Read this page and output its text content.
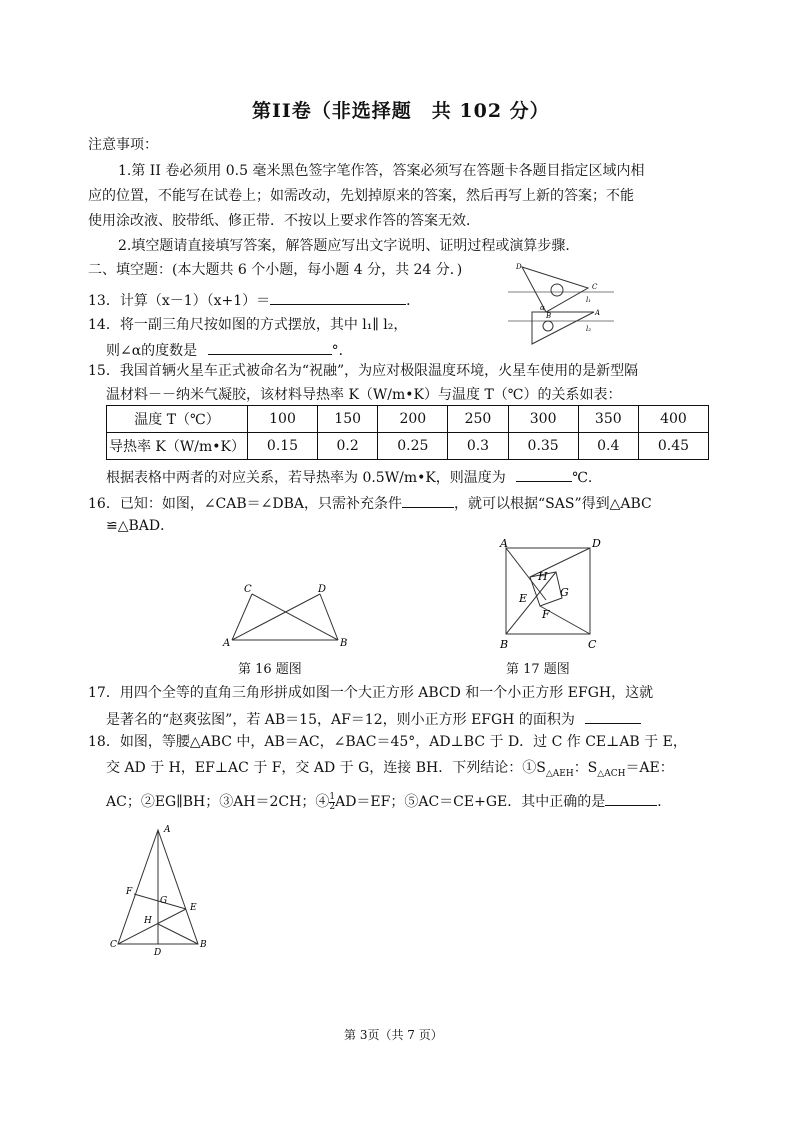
第II卷（非选择题　共 102 分）
注意事项：
1.第 II 卷必须用 0.5 毫米黑色签字笔作答，答案必须写在答题卡各题目指定区域内相
应的位置，不能写在试卷上；如需改动，先划掉原来的答案，然后再写上新的答案；不能
使用涂改液、胶带纸、修正带．不按以上要求作答的答案无效．
2.填空题请直接填写答案，解答题应写出文字说明、证明过程或演算步骤．
二、填空题：(本大题共 6 个小题，每小题 4 分，共 24 分．)
13．计算（x－1）（x+1）＝	．
14．将一副三角尺按如图的方式摆放，其中 l₁∥ l₂，
则∠α的度数是	°．
D
C
l₁
l₂
A
B
α
15．我国首辆火星车正式被命名为“祝融”，为应对极限温度环境，火星车使用的是新型隔
温材料－－纳米气凝胶，该材料导热率 K（W/m•K）与温度 T（℃）的关系如表：
温度 T（℃）	100	150	200	250	300	350	400
导热率 K（W/m•K）	0.15	0.2	0.25	0.3	0.35	0.4	0.45
根据表格中两者的对应关系，若导热率为 0.5W/m•K，则温度为	℃.
16．已知：如图，∠CAB＝∠DBA，只需补充条件	，就可以根据“SAS”得到△ABC
≌△BAD．
A	B
C	D
第 16 题图
A	D
B	C
H
E	G
F
第 17 题图
17．用四个全等的直角三角形拼成如图一个大正方形 ABCD 和一个小正方形 EFGH，这就
是著名的“赵爽弦图”，若 AB＝15，AF＝12，则小正方形 EFGH 的面积为
18．如图，等腰△ABC 中，AB＝AC，∠BAC＝45°，AD⊥BC 于 D．过 C 作 CE⊥AB 于 E，
交 AD 于 H，EF⊥AC 于 F，交 AD 于 G，连接 BH．下列结论：$①S_{\triangle AEH}$：$S_{\triangle ACH}=AE$：
AC；②EG∥BH；③AH＝2CH；④ $\frac{1}{2} AD=EF$；⑤AC＝CE+GE．其中正确的是	．
A
F
G
E
H
C	B
D
第 3页（共 7 页）
